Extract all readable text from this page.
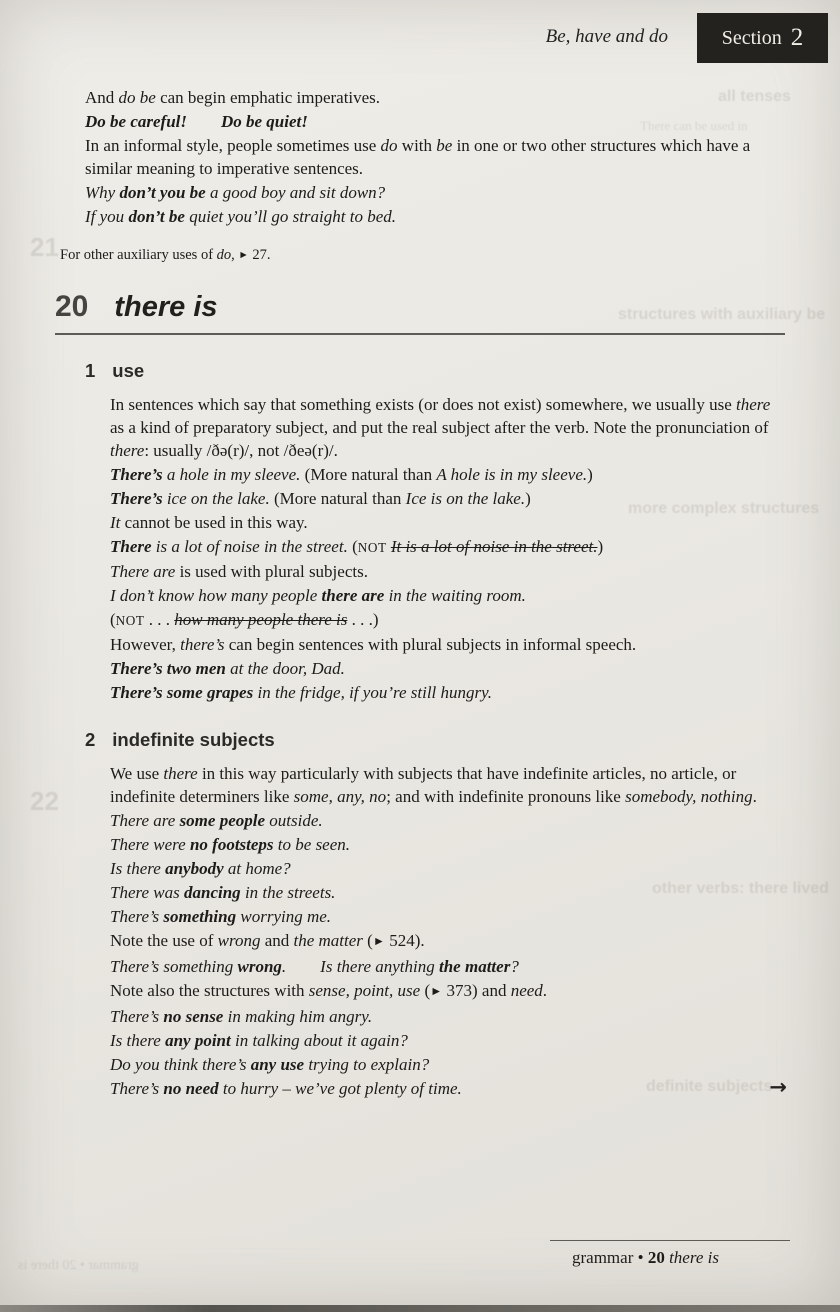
all tenses
There can be used in
structures with auxiliary be
more complex structures
other verbs: there lived
definite subjects
21
22
grammar • 20 there is
Be, have and do	Section 2

And do be can begin emphatic imperatives.

Do be careful!   Do be quiet!

In an informal style, people sometimes use do with be in one or two other structures which have a similar meaning to imperative sentences.

Why don’t you be a good boy and sit down?

If you don’t be quiet you’ll go straight to bed.

For other auxiliary uses of do, ► 27.

20 there is
1 use

In sentences which say that something exists (or does not exist) somewhere, we usually use there as a kind of preparatory subject, and put the real subject after the verb. Note the pronunciation of there: usually /ðə(r)/, not /ðeə(r)/.

There’s a hole in my sleeve. (More natural than A hole is in my sleeve.)

There’s ice on the lake. (More natural than Ice is on the lake.)

It cannot be used in this way.

There is a lot of noise in the street. (NOT It is a lot of noise in the street.)

There are is used with plural subjects.

I don’t know how many people there are in the waiting room.

(NOT . . . how many people there is . . .)

However, there’s can begin sentences with plural subjects in informal speech.

There’s two men at the door, Dad.

There’s some grapes in the fridge, if you’re still hungry.

2 indefinite subjects

We use there in this way particularly with subjects that have indefinite articles, no article, or indefinite determiners like some, any, no; and with indefinite pronouns like somebody, nothing.

There are some people outside.

There were no footsteps to be seen.

Is there anybody at home?

There was dancing in the streets.

There’s something worrying me.

Note the use of wrong and the matter (► 524).

There’s something wrong.   Is there anything the matter?

Note also the structures with sense, point, use (► 373) and need.

There’s no sense in making him angry.

Is there any point in talking about it again?

Do you think there’s any use trying to explain?

There’s no need to hurry – we’ve got plenty of time.	→
grammar • 20 there is
